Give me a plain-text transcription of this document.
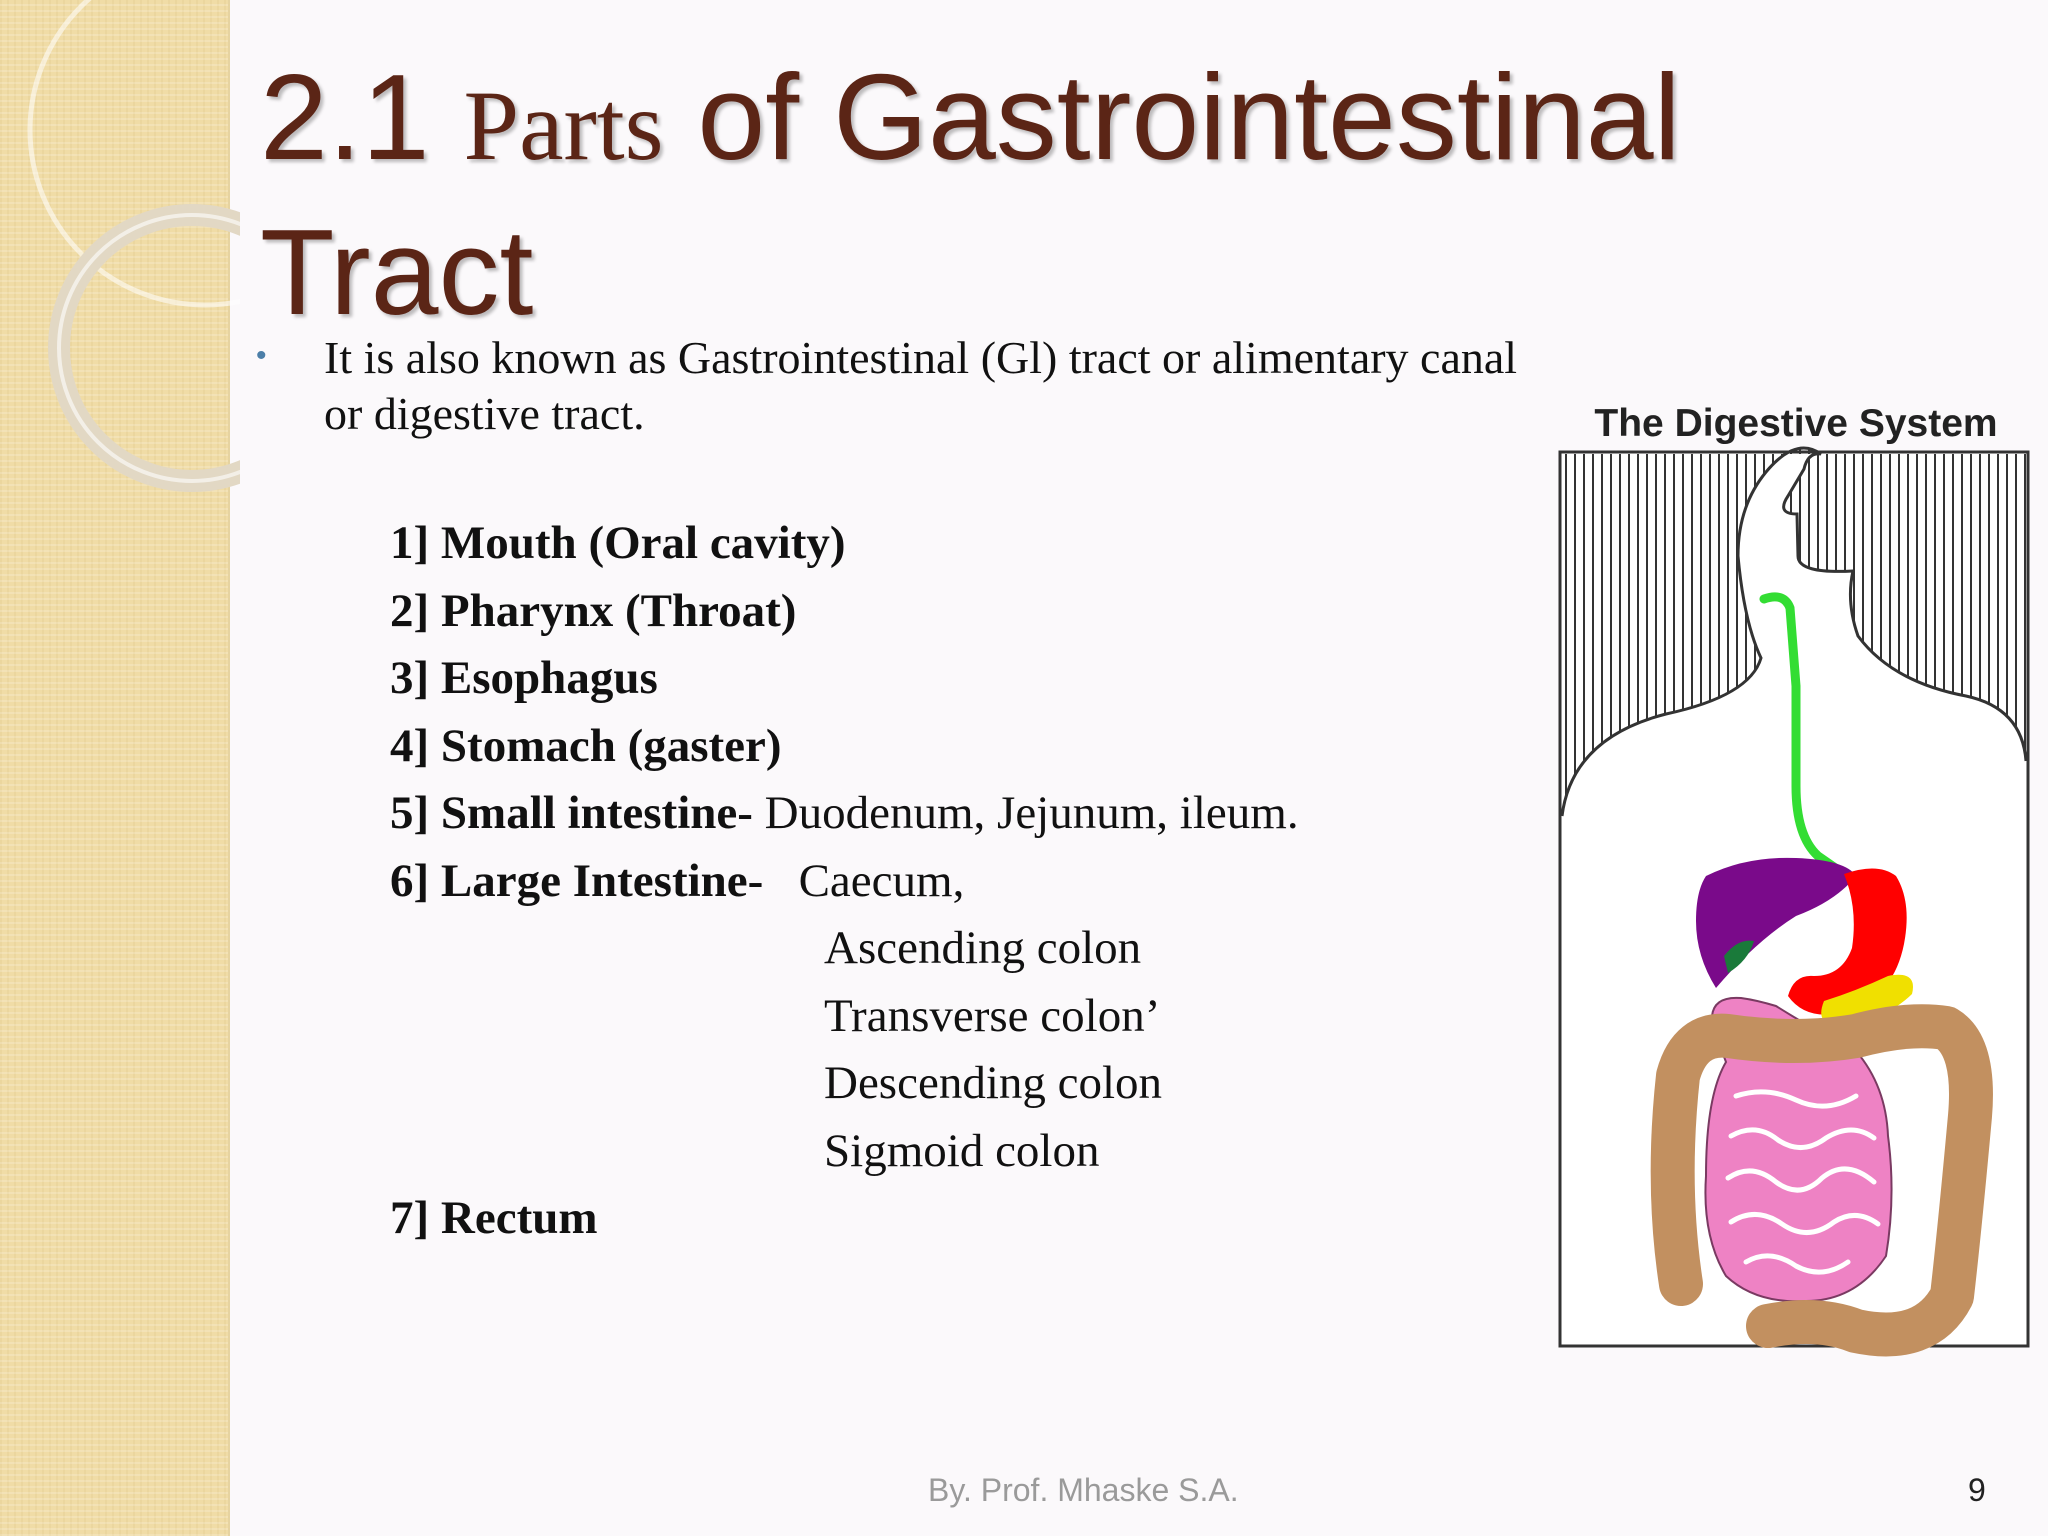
2.1 Parts of Gastrointestinal
Tract
• It is also known as Gastrointestinal (Gl) tract or alimentary canal or digestive tract.
1] Mouth (Oral cavity)
2] Pharynx (Throat)
3] Esophagus
4] Stomach (gaster)
5] Small intestine- Duodenum, Jejunum, ileum.
6] Large Intestine-   Caecum,
Ascending colon
Transverse colon’
Descending colon
Sigmoid colon
7] Rectum
The Digestive System
By. Prof. Mhaske S.A.	9
